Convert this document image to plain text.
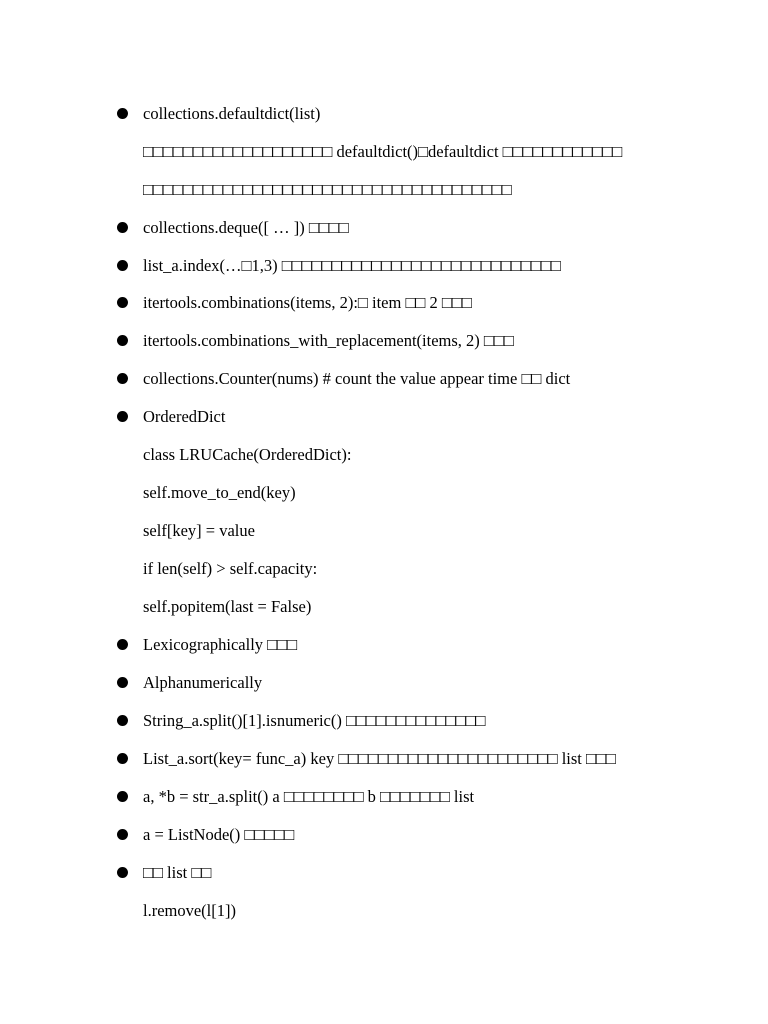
collections.defaultdict(list)
□□□□□□□□□□□□□□□□□□□ defaultdict()□defaultdict □□□□□□□□□□□□
□□□□□□□□□□□□□□□□□□□□□□□□□□□□□□□□□□□□□
collections.deque([ … ]) □□□□
list_a.index(…□1,3) □□□□□□□□□□□□□□□□□□□□□□□□□□□□
itertools.combinations(items, 2):□ item □□ 2 □□□
itertools.combinations_with_replacement(items, 2) □□□
collections.Counter(nums) # count the value appear time □□ dict
OrderedDict
class LRUCache(OrderedDict):
self.move_to_end(key)
self[key] = value
if len(self) > self.capacity:
self.popitem(last = False)
Lexicographically □□□
Alphanumerically
String_a.split()[1].isnumeric() □□□□□□□□□□□□□□
List_a.sort(key= func_a) key □□□□□□□□□□□□□□□□□□□□□□ list □□□
a, *b = str_a.split() a □□□□□□□□ b □□□□□□□ list
a = ListNode() □□□□□
□□ list □□
l.remove(l[1])
